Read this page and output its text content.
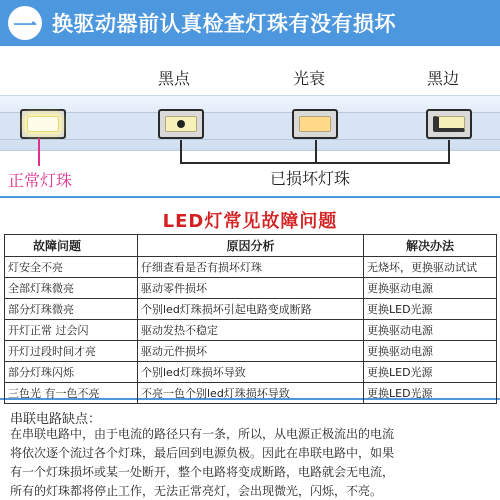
一 换驱动器前认真检查灯珠有没有损坏
黑点	光衰	黑边
正常灯珠	已损坏灯珠
LED灯常见故障问题
故障问题	原因分析	解决办法
灯安全不亮	仔细查看是否有损坏灯珠	无烧坏，更换驱动试试
全部灯珠微亮	驱动零件损坏	更换驱动电源
部分灯珠微亮	个别led灯珠损坏引起电路变成断路	更换LED光源
开灯正常 过会闪	驱动发热不稳定	更换驱动电源
开灯过段时间才亮	驱动元件损坏	更换驱动电源
部分灯珠闪烁	个别led灯珠损坏导致	更换LED光源
三色光 有一色不亮	不亮一色个别led灯珠损坏导致	更换LED光源
串联电路缺点：
在串联电路中，由于电流的路径只有一条，所以，从电源正极流出的电流
将依次逐个流过各个灯珠，最后回到电源负极。因此在串联电路中，如果
有一个灯珠损坏或某一处断开，整个电路将变成断路，电路就会无电流，
所有的灯珠都将停止工作，无法正常亮灯，会出现微光，闪烁，不亮。
